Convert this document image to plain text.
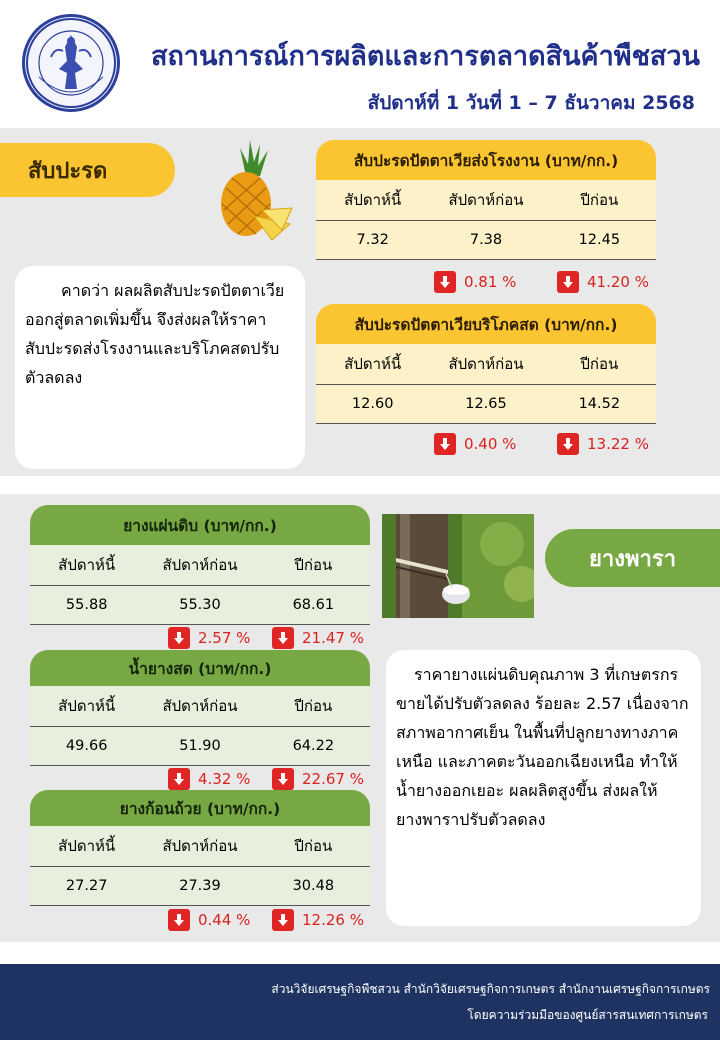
สถานการณ์การผลิตและการตลาดสินค้าพืชสวน
สัปดาห์ที่ 1 วันที่ 1 – 7 ธันวาคม 2568
สับปะรด	สับปะรดปัตตาเวียส่งโรงงาน (บาท/กก.)
สัปดาห์นี้	สัปดาห์ก่อน	ปีก่อน
7.32	7.38	12.45
0.81 %	41.20 %
สับปะรดปัตตาเวียบริโภคสด (บาท/กก.)
สัปดาห์นี้	สัปดาห์ก่อน	ปีก่อน
12.60	12.65	14.52
0.40 %	13.22 %
คาดว่า ผลผลิตสับปะรดปัตตาเวียออกสู่ตลาดเพิ่มขึ้น จึงส่งผลให้ราคาสับปะรดส่งโรงงานและบริโภคสดปรับตัวลดลง
ยางแผ่นดิบ (บาท/กก.)
สัปดาห์นี้	สัปดาห์ก่อน	ปีก่อน
55.88	55.30	68.61
2.57 %	21.47 %
น้ำยางสด (บาท/กก.)
สัปดาห์นี้	สัปดาห์ก่อน	ปีก่อน
49.66	51.90	64.22
4.32 %	22.67 %
ยางก้อนถ้วย (บาท/กก.)
สัปดาห์นี้	สัปดาห์ก่อน	ปีก่อน
27.27	27.39	30.48
0.44 %	12.26 %
ยางพารา
ราคายางแผ่นดิบคุณภาพ 3 ที่เกษตรกรขายได้ปรับตัวลดลง ร้อยละ 2.57 เนื่องจากสภาพอากาศเย็น ในพื้นที่ปลูกยางทางภาคเหนือ และภาคตะวันออกเฉียงเหนือ ทำให้น้ำยางออกเยอะ ผลผลิตสูงขึ้น ส่งผลให้ยางพาราปรับตัวลดลง
ส่วนวิจัยเศรษฐกิจพืชสวน สำนักวิจัยเศรษฐกิจการเกษตร สำนักงานเศรษฐกิจการเกษตร
โดยความร่วมมือของศูนย์สารสนเทศการเกษตร
